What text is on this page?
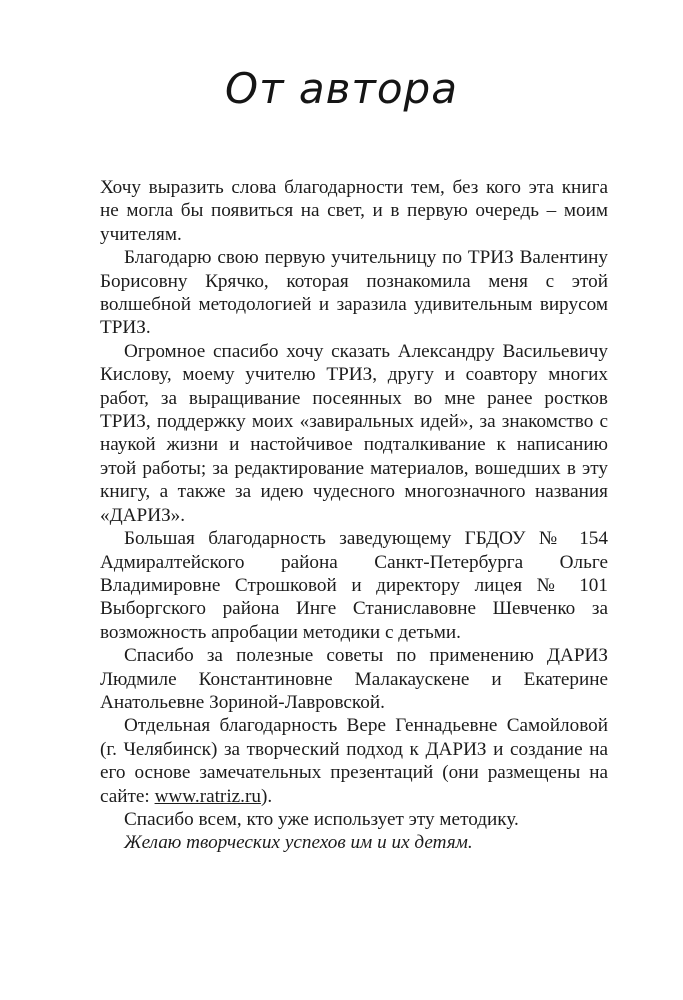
От автора

Хочу выразить слова благодарности тем, без кого эта книга не могла бы появиться на свет, и в первую очередь – моим учителям.

Благодарю свою первую учительницу по ТРИЗ Валентину Борисовну Крячко, которая познакомила меня с этой волшебной методологией и заразила удивительным вирусом ТРИЗ.

Огромное спасибо хочу сказать Александру Васильевичу Кислову, моему учителю ТРИЗ, другу и соавтору многих работ, за выращивание посеянных во мне ранее ростков ТРИЗ, поддержку моих «завиральных идей», за знакомство с наукой жизни и настойчивое подталкивание к написанию этой работы; за редактирование материалов, вошедших в эту книгу, а также за идею чудесного многозначного названия «ДАРИЗ».

Большая благодарность заведующему ГБДОУ № 154 Адмиралтейского района Санкт-Петербурга Ольге Владимировне Строшковой и директору лицея № 101 Выборгского района Инге Станиславовне Шевченко за возможность апробации методики с детьми.

Спасибо за полезные советы по применению ДАРИЗ Людмиле Константиновне Малакаускене и Екатерине Анатольевне Зориной-Лавровской.

Отдельная благодарность Вере Геннадьевне Самойловой (г. Челябинск) за творческий подход к ДАРИЗ и создание на его основе замечательных презентаций (они размещены на сайте: www.ratriz.ru).

Спасибо всем, кто уже использует эту методику.

Желаю творческих успехов им и их детям.
